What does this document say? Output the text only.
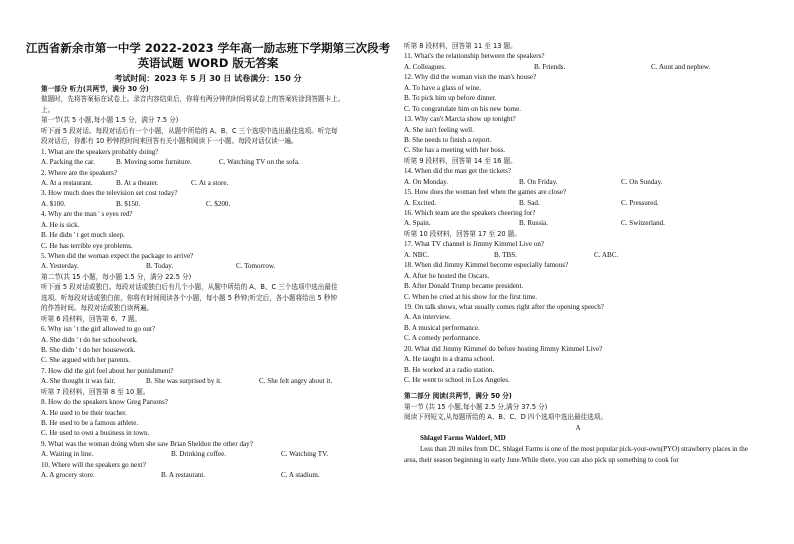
江西省新余市第一中学 2022-2023 学年高一励志班下学期第三次段考
英语试题 WORD 版无答案
考试时间：2023 年 5 月 30 日 试卷满分：150 分
第一部分 听力(共两节，满分 30 分)
做题时，先将答案标在试卷上。录音内容结束后，你将有两分钟的时间将试卷上的答案转涂到答题卡上。
上。
第一节(共 5 小题,每小题 1.5 分，满分 7.5 分)
听下面 5 段对话。每段对话后有一个小题，从题中所给的 A、B、C 三个选项中选出最佳选项。听完每
段对话后，你都有 10 秒钟的时间来回答有关小题和阅读下一小题。每段对话仅读一遍。
1. What are the speakers probably doing?
A. Packing the car.	B. Moving some furniture.	C. Watching TV on the sofa.
2. Where are the speakers?
A. At a restaurant.	B. At a theater.	C. At a store.
3. How much does the television set cost today?
A. $100.	B. $150.	C. $200.
4. Why are the man ' s eyes red?
A. He is sick.
B. He didn ' t get much sleep.
C. He has terrible eye problems.
5. When did the woman expect the package to arrive?
A. Yesterday.	B. Today.	C. Tomorrow.
第二节(共 15 小题，每小题 1.5 分，满分 22.5 分)
听下面 5 段对话或独白。每段对话或独白后有几个小题，从题中所给的 A、B、C 三个选项中选出最佳
选项。听每段对话或独白前，你将有时间阅读各个小题，每小题 5 秒钟;听完后，各小题将给出 5 秒钟
的作答时间。每段对话或独白读两遍。
听第 6 段材料，回答第 6、7 题。
6. Why isn ' t the girl allowed to go out?
A. She didn ' t do her schoolwork.
B. She didn ' t do her housework.
C. She argued with her parents.
7. How did the girl feel about her punishment?
A. She thought it was fair.	B. She was surprised by it.	C. She felt angry about it.
听第 7 段材料，回答第 8 至 10 题。
8. How do the speakers know Greg Parsons?
A. He used to be their teacher.
B. He used to be a famous athlete.
C. He used to own a business in town.
9. What was the woman doing when she saw Brian Sheldon the other day?
A. Waiting in line.	B. Drinking coffee.	C. Watching TV.
10. Where will the speakers go next?
A. A grocery store.	B. A restaurant.	C. A stadium.
听第 8 段材料，回答第 11 至 13 题。
11. What's the relationship between the speakers?
A. Colleagues.	B. Friends.	C. Aunt and nephew.
12. Why did the woman visit the man's house?
A. To have a glass of wine.
B. To pick him up before dinner.
C. To congratulate him on his new home.
13. Why can't Marcia show up tonight?
A. She isn't feeling well.
B. She needs to finish a report.
C. She has a meeting with her boss.
听第 9 段材料，回答第 14 至 16 题。
14. When did the man get the tickets?
A. On Monday.	B. On Friday.	C. On Sunday.
15. How does the woman feel when the games are close?
A. Excited.	B. Sad.	C. Pressured.
16. Which team are the speakers cheering for?
A. Spain.	B. Russia.	C. Switzerland.
听第 10 段材料，回答第 17 至 20 题。
17. What TV channel is Jimmy Kimmel Live on?
A. NBC.	B. TBS.	C. ABC.
18. When did Jimmy Kimmel become especially famous?
A. After he hosted the Oscars.
B. After Donald Trump became president.
C. When he cried at his show for the first time.
19. On talk shows, what usually comes right after the opening speech?
A. An interview.
B. A musical performance.
C. A comedy performance.
20. What did Jimmy Kimmel do before hosting Jimmy Kimmel Live?
A. He taught in a drama school.
B. He worked at a radio station.
C. He went to school in Los Angeles.
第二部分 阅读(共两节，满分 50 分)
第一节 (共 15 小题,每小题 2.5 分,满分 37.5 分)
阅读下列短文,从每题所给的 A、B、C、D 四个选项中选出最佳选项。
A
Shlagel Farms Waldorf, MD
Less than 20 miles from DC, Shlagel Farms is one of the most popular pick-your-own(PYO) strawberry places in the area, their season beginning in early June.While there, you can also pick up something to cook for
